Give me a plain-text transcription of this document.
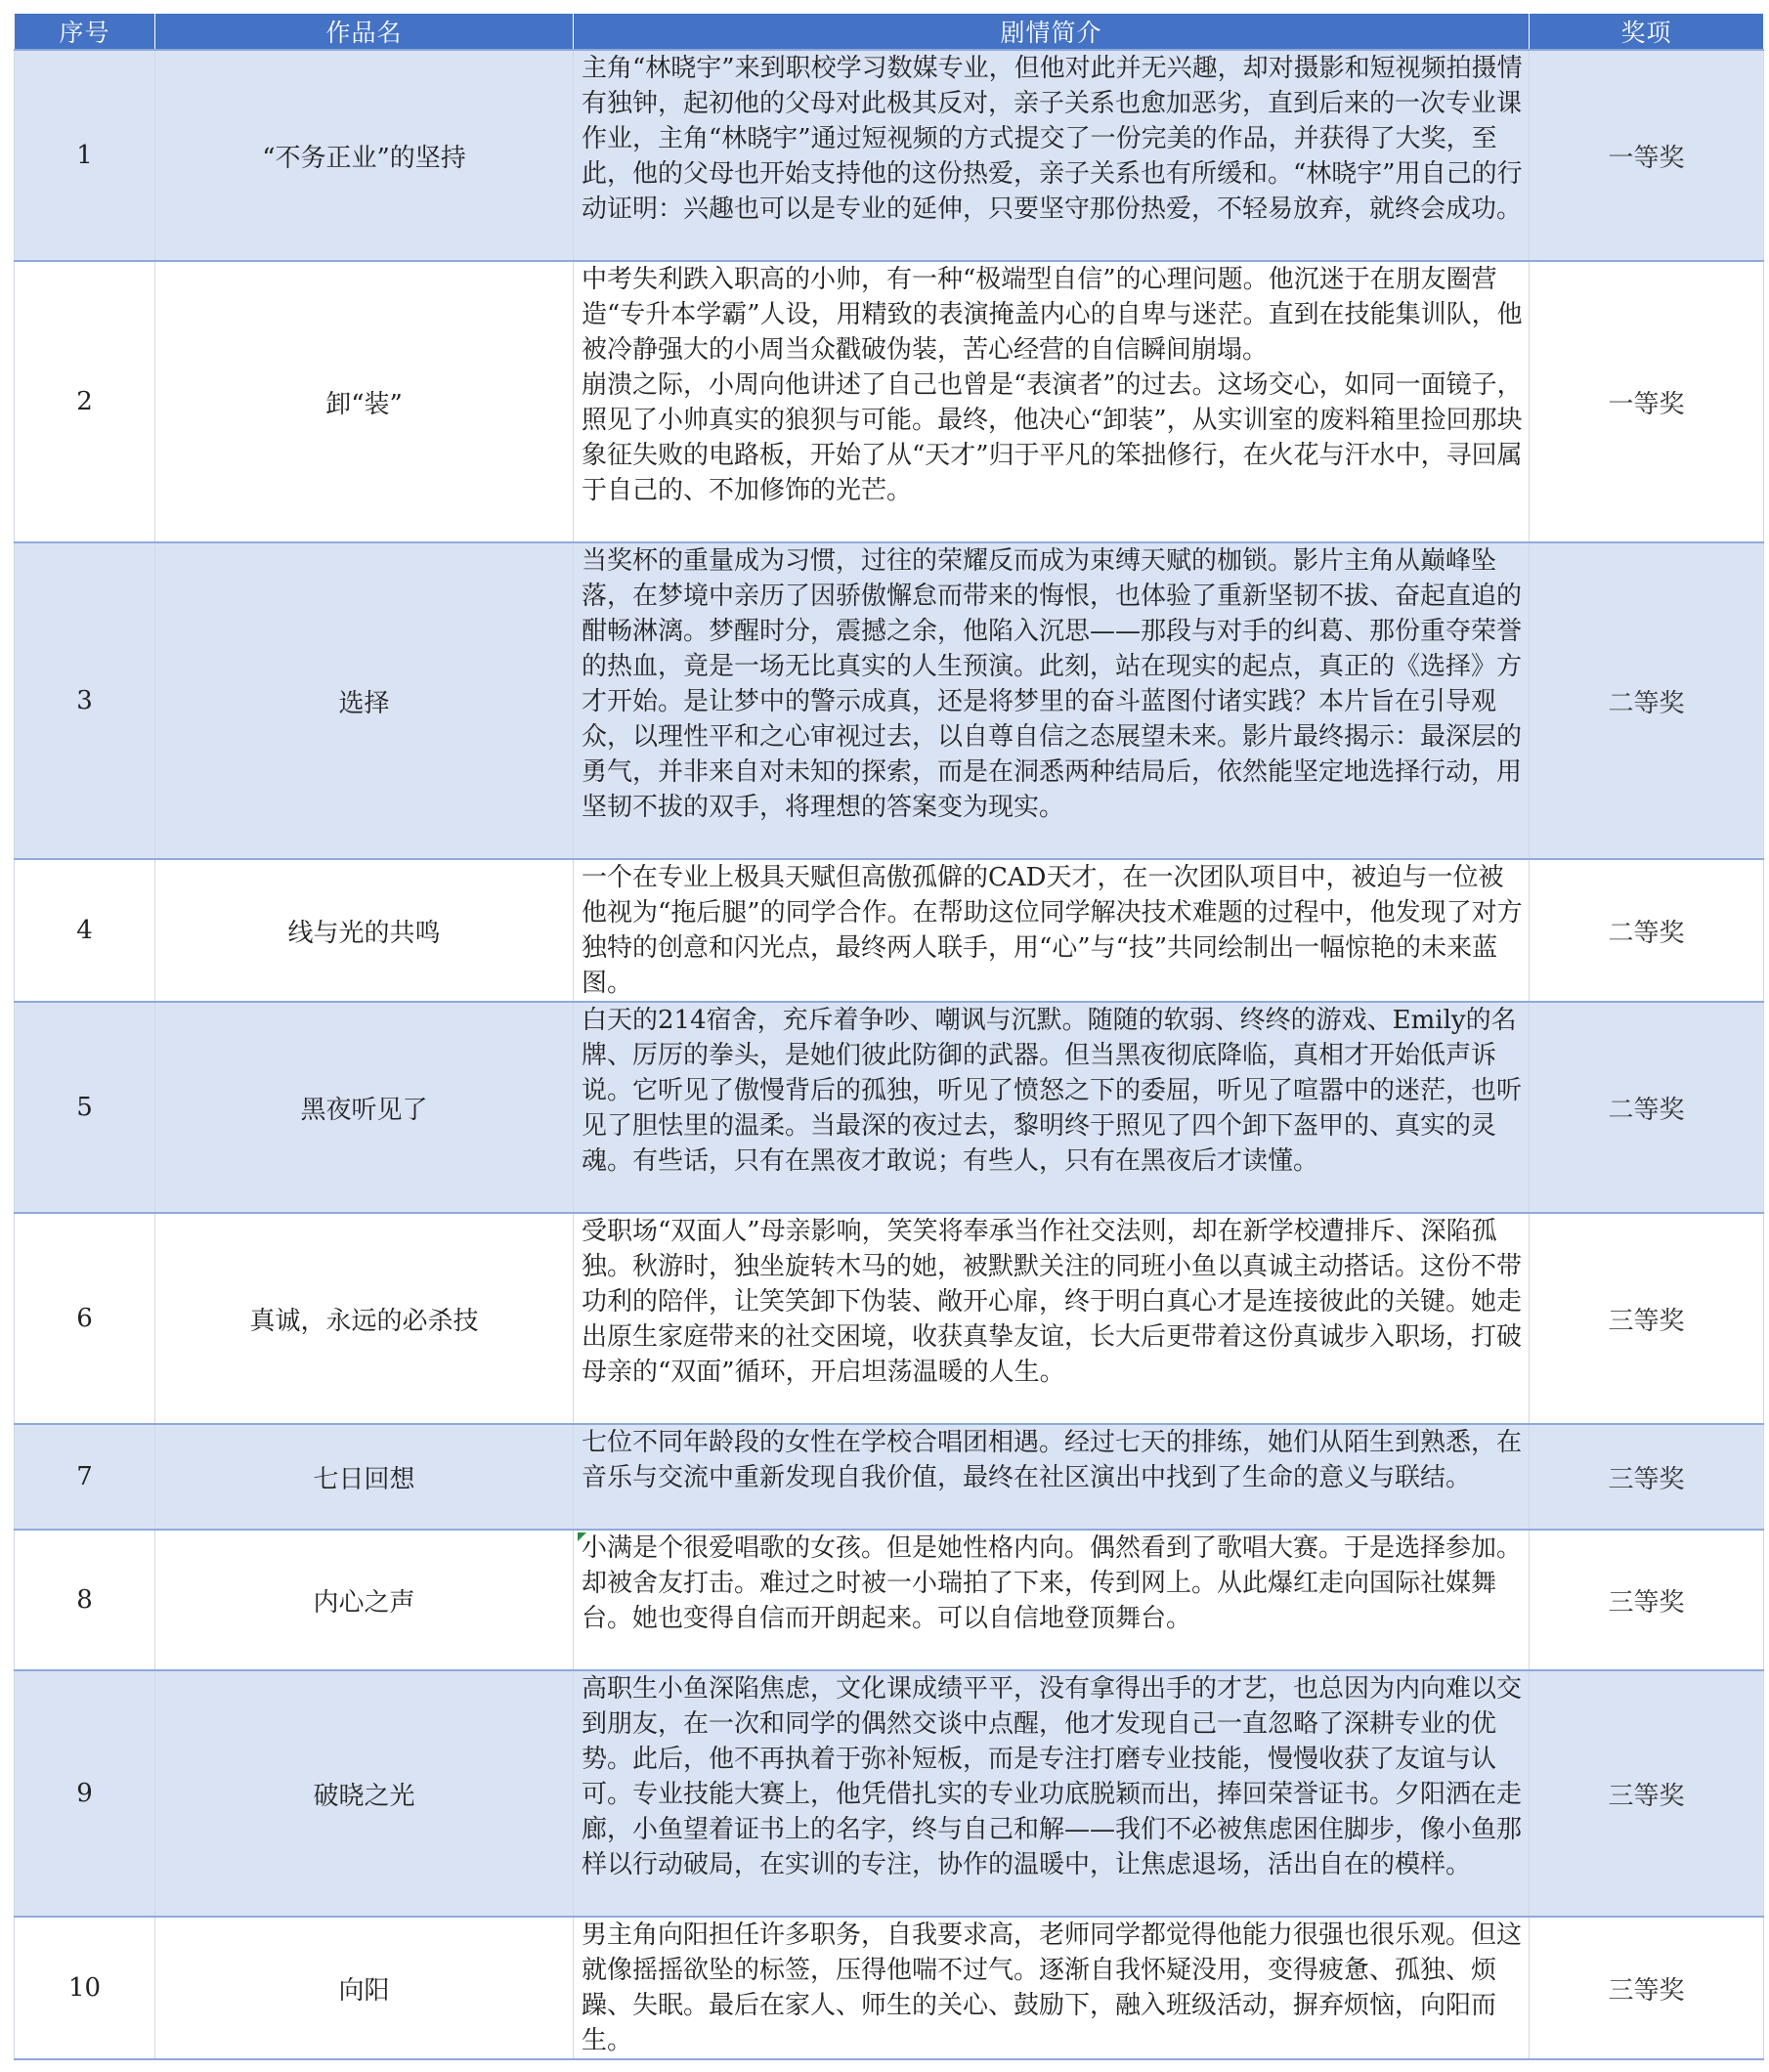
序号	作品名	剧情简介	奖项
1	“不务正业”的坚持	主角“林晓宇”来到职校学习数媒专业，但他对此并无兴趣，却对摄影和短视频拍摄情有独钟，起初他的父母对此极其反对，亲子关系也愈加恶劣，直到后来的一次专业课作业，主角“林晓宇”通过短视频的方式提交了一份完美的作品，并获得了大奖，至此，他的父母也开始支持他的这份热爱，亲子关系也有所缓和。“林晓宇”用自己的行动证明：兴趣也可以是专业的延伸，只要坚守那份热爱，不轻易放弃，就终会成功。	一等奖
2	卸“装”	中考失利跌入职高的小帅，有一种“极端型自信”的心理问题。他沉迷于在朋友圈营造“专升本学霸”人设，用精致的表演掩盖内心的自卑与迷茫。直到在技能集训队，他被冷静强大的小周当众戳破伪装，苦心经营的自信瞬间崩塌。
崩溃之际，小周向他讲述了自己也曾是“表演者”的过去。这场交心，如同一面镜子，照见了小帅真实的狼狈与可能。最终，他决心“卸装”，从实训室的废料箱里捡回那块象征失败的电路板，开始了从“天才”归于平凡的笨拙修行，在火花与汗水中，寻回属于自己的、不加修饰的光芒。	一等奖
3	选择	当奖杯的重量成为习惯，过往的荣耀反而成为束缚天赋的枷锁。影片主角从巅峰坠落，在梦境中亲历了因骄傲懈怠而带来的悔恨，也体验了重新坚韧不拔、奋起直追的酣畅淋漓。梦醒时分，震撼之余，他陷入沉思——那段与对手的纠葛、那份重夺荣誉的热血，竟是一场无比真实的人生预演。此刻，站在现实的起点，真正的《选择》方才开始。是让梦中的警示成真，还是将梦里的奋斗蓝图付诸实践？本片旨在引导观众，以理性平和之心审视过去，以自尊自信之态展望未来。影片最终揭示：最深层的勇气，并非来自对未知的探索，而是在洞悉两种结局后，依然能坚定地选择行动，用坚韧不拔的双手，将理想的答案变为现实。	二等奖
4	线与光的共鸣	一个在专业上极具天赋但高傲孤僻的CAD天才，在一次团队项目中，被迫与一位被他视为“拖后腿”的同学合作。在帮助这位同学解决技术难题的过程中，他发现了对方独特的创意和闪光点，最终两人联手，用“心”与“技”共同绘制出一幅惊艳的未来蓝图。	二等奖
5	黑夜听见了	白天的214宿舍，充斥着争吵、嘲讽与沉默。随随的软弱、终终的游戏、Emily的名牌、厉厉的拳头，是她们彼此防御的武器。但当黑夜彻底降临，真相才开始低声诉说。它听见了傲慢背后的孤独，听见了愤怒之下的委屈，听见了喧嚣中的迷茫，也听见了胆怯里的温柔。当最深的夜过去，黎明终于照见了四个卸下盔甲的、真实的灵魂。有些话，只有在黑夜才敢说；有些人，只有在黑夜后才读懂。	二等奖
6	真诚，永远的必杀技	受职场“双面人”母亲影响，笑笑将奉承当作社交法则，却在新学校遭排斥、深陷孤独。秋游时，独坐旋转木马的她，被默默关注的同班小鱼以真诚主动搭话。这份不带功利的陪伴，让笑笑卸下伪装、敞开心扉，终于明白真心才是连接彼此的关键。她走出原生家庭带来的社交困境，收获真挚友谊，长大后更带着这份真诚步入职场，打破母亲的“双面”循环，开启坦荡温暖的人生。	三等奖
7	七日回想	七位不同年龄段的女性在学校合唱团相遇。经过七天的排练，她们从陌生到熟悉，在音乐与交流中重新发现自我价值，最终在社区演出中找到了生命的意义与联结。	三等奖
8	内心之声	小满是个很爱唱歌的女孩。但是她性格内向。偶然看到了歌唱大赛。于是选择参加。却被舍友打击。难过之时被一小瑞拍了下来，传到网上。从此爆红走向国际社媒舞台。她也变得自信而开朗起来。可以自信地登顶舞台。	三等奖
9	破晓之光	高职生小鱼深陷焦虑，文化课成绩平平，没有拿得出手的才艺，也总因为内向难以交到朋友，在一次和同学的偶然交谈中点醒，他才发现自己一直忽略了深耕专业的优势。此后，他不再执着于弥补短板，而是专注打磨专业技能，慢慢收获了友谊与认可。专业技能大赛上，他凭借扎实的专业功底脱颖而出，捧回荣誉证书。夕阳洒在走廊，小鱼望着证书上的名字，终与自己和解——我们不必被焦虑困住脚步，像小鱼那样以行动破局，在实训的专注，协作的温暖中，让焦虑退场，活出自在的模样。	三等奖
10	向阳	男主角向阳担任许多职务，自我要求高，老师同学都觉得他能力很强也很乐观。但这就像摇摇欲坠的标签，压得他喘不过气。逐渐自我怀疑没用，变得疲惫、孤独、烦躁、失眠。最后在家人、师生的关心、鼓励下，融入班级活动，摒弃烦恼，向阳而生。	三等奖
